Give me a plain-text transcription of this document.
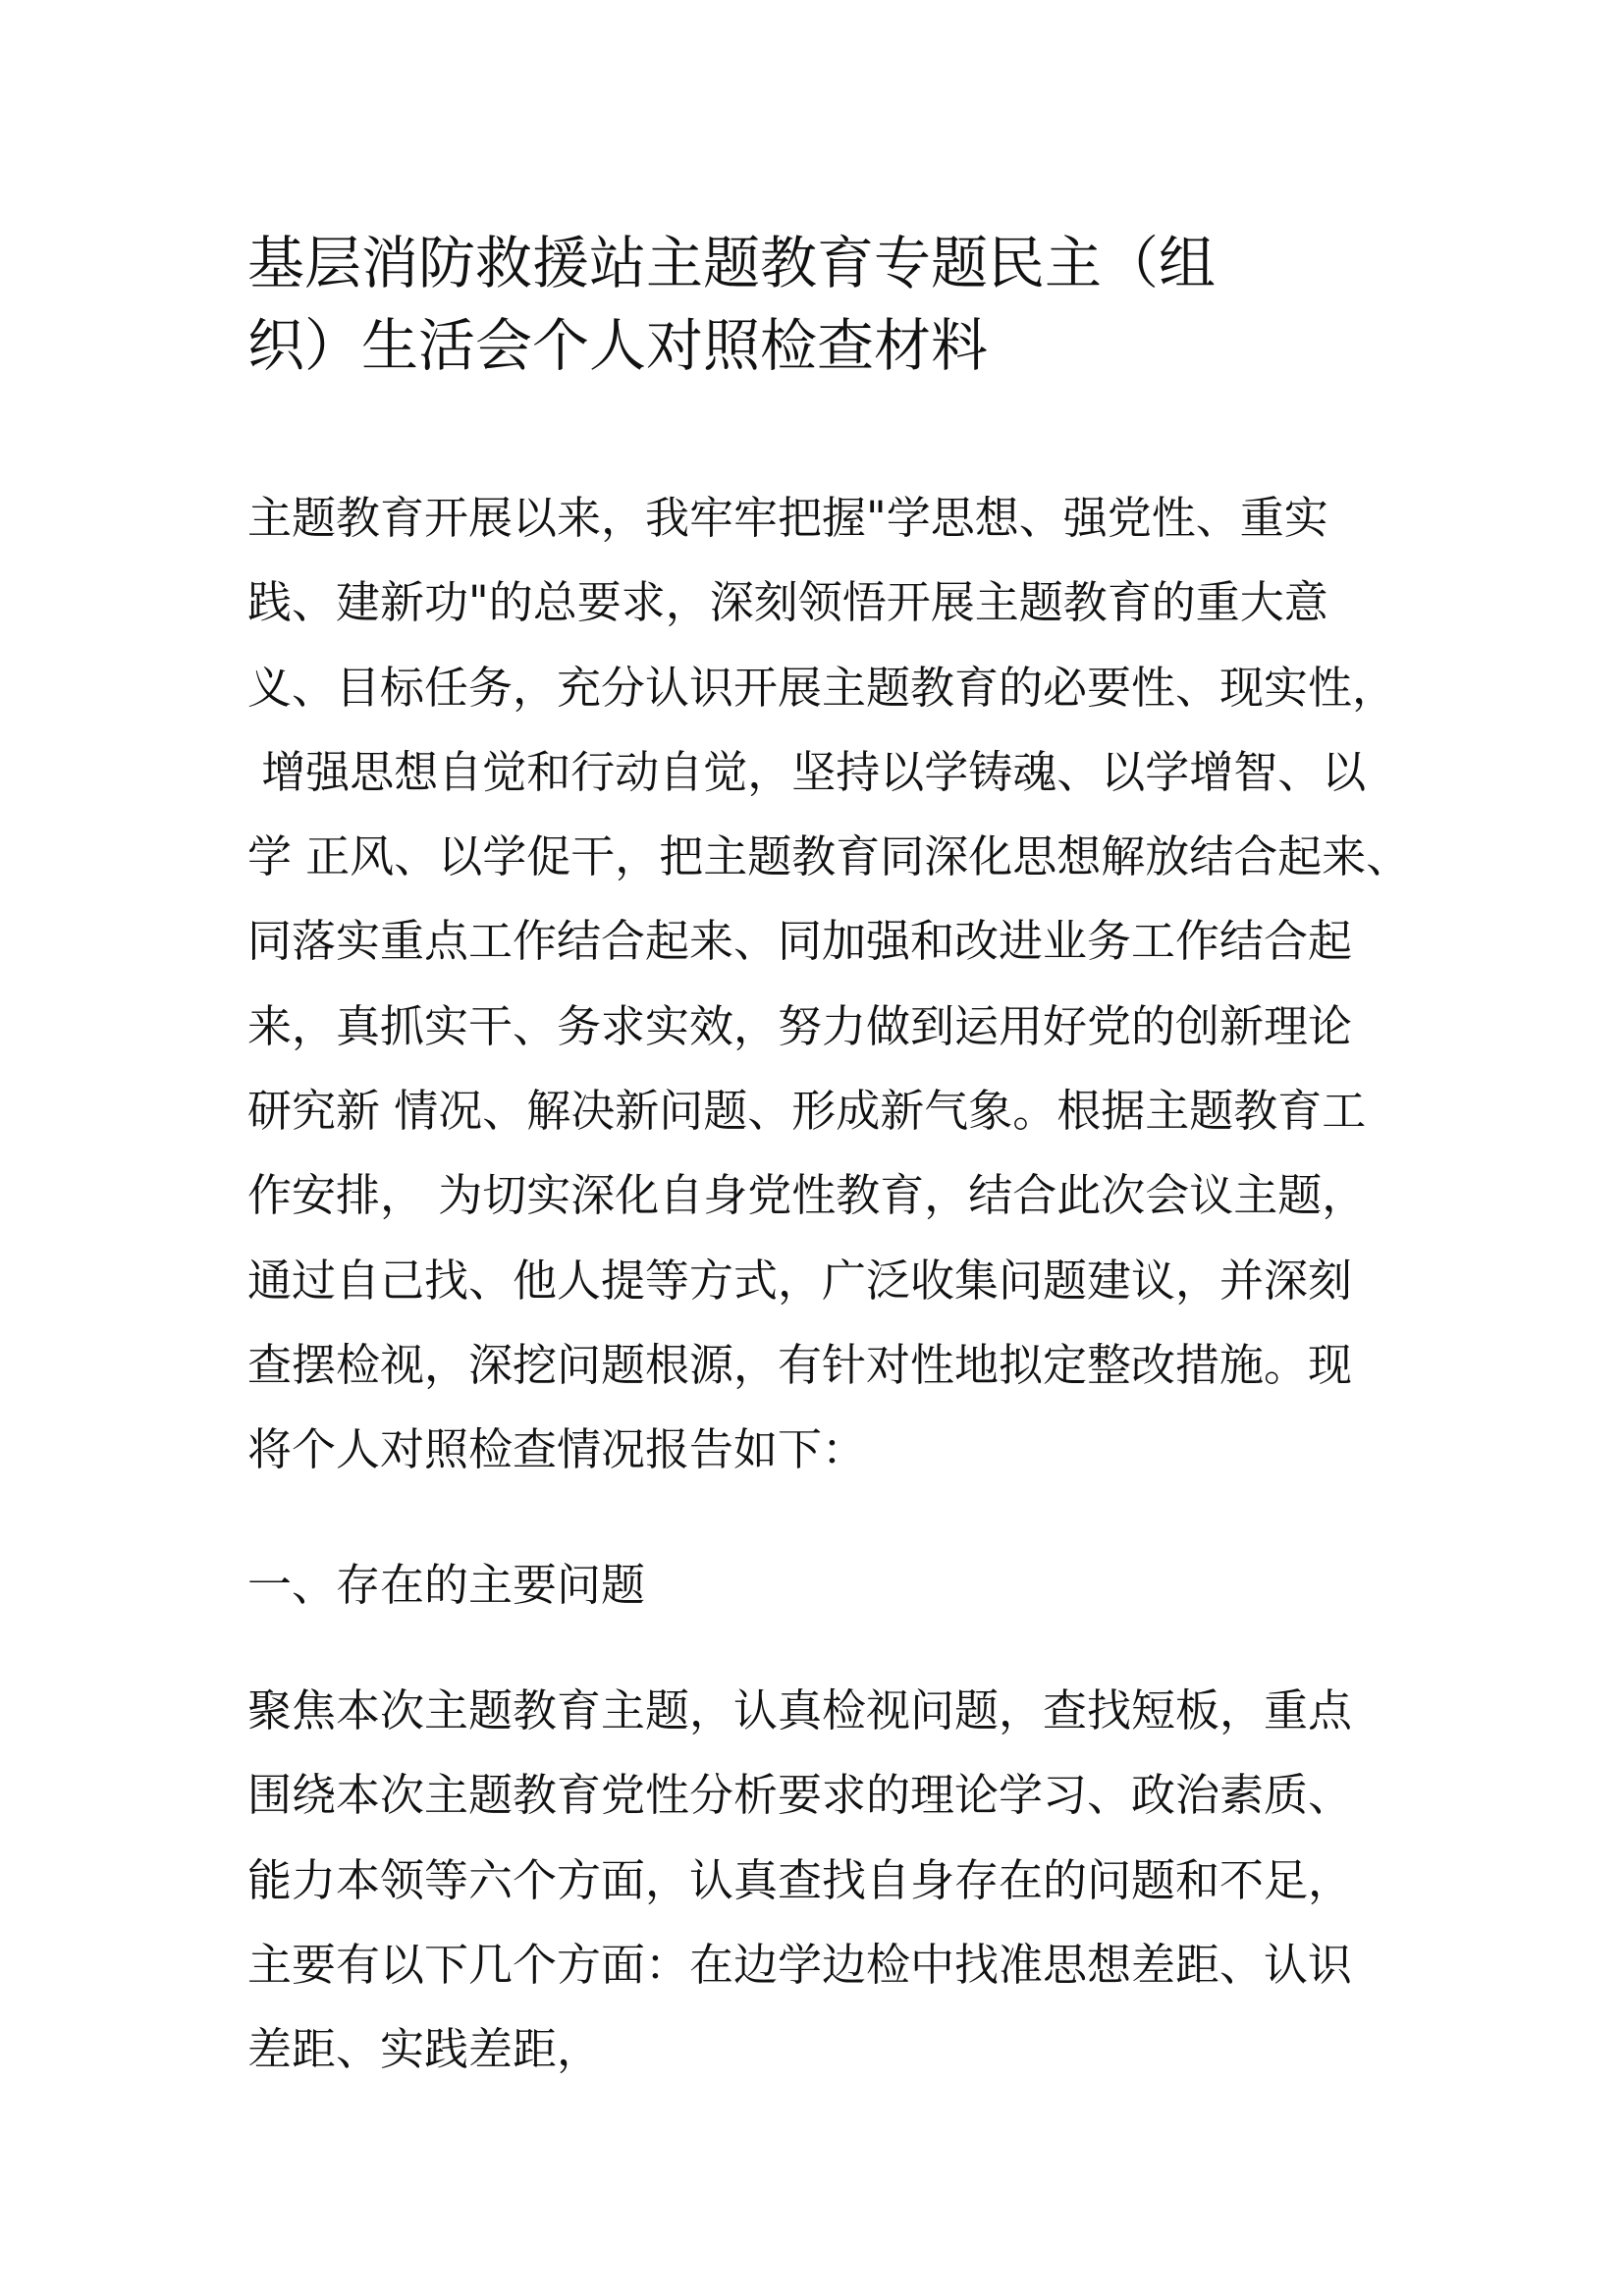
基层消防救援站主题教育专题民主（组
织）生活会个人对照检查材料
主题教育开展以来，我牢牢把握"学思想、强党性、重实
践、建新功"的总要求，深刻领悟开展主题教育的重大意
义、目标任务，充分认识开展主题教育的必要性、现实性，
增强思想自觉和行动自觉，坚持以学铸魂、以学增智、以
学 正风、以学促干，把主题教育同深化思想解放结合起来、
同落实重点工作结合起来、同加强和改进业务工作结合起
来，真抓实干、务求实效，努力做到运用好党的创新理论
研究新 情况、解决新问题、形成新气象。根据主题教育工
作安排， 为切实深化自身党性教育，结合此次会议主题，
通过自己找、他人提等方式，广泛收集问题建议，并深刻
查摆检视，深挖问题根源，有针对性地拟定整改措施。现
将个人对照检查情况报告如下：
一、存在的主要问题
聚焦本次主题教育主题，认真检视问题，查找短板，重点
围绕本次主题教育党性分析要求的理论学习、政治素质、
能力本领等六个方面，认真查找自身存在的问题和不足，
主要有以下几个方面：在边学边检中找准思想差距、认识
差距、实践差距，
